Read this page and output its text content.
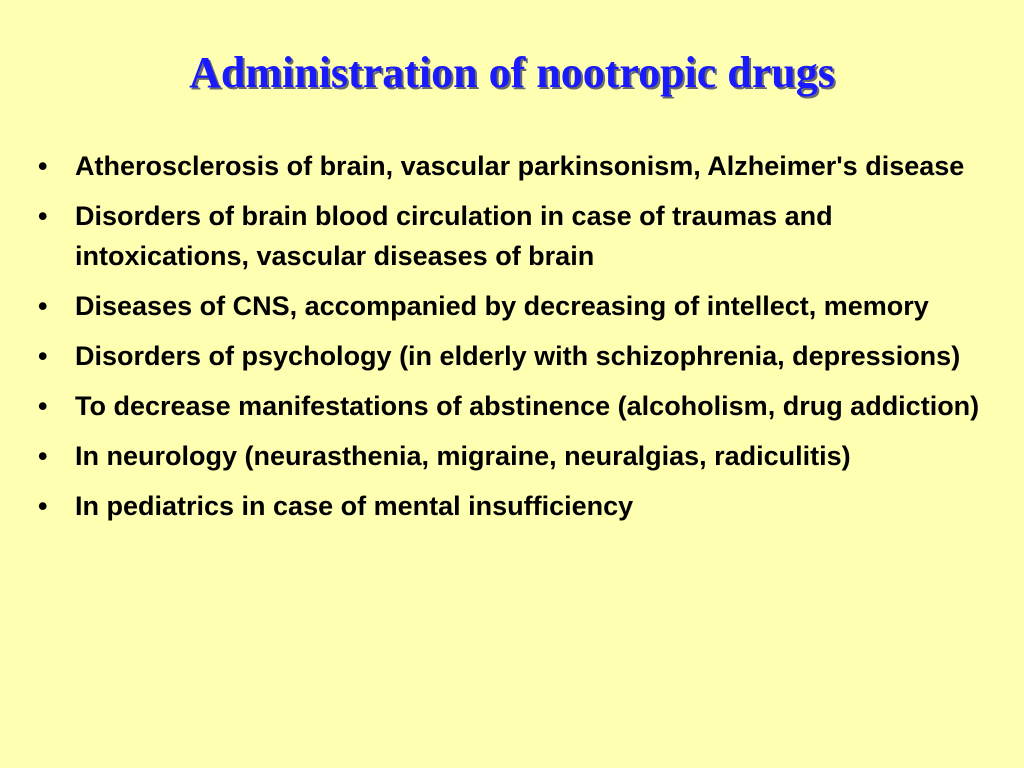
Administration of nootropic drugs
•	Atherosclerosis of brain, vascular parkinsonism, Alzheimer's disease
•	Disorders of brain blood circulation in case of traumas and intoxications, vascular diseases of brain
•	Diseases of CNS, accompanied by decreasing of intellect, memory
•	Disorders of psychology (in elderly with schizophrenia, depressions)
•	To decrease manifestations of abstinence (alcoholism, drug addiction)
•	In neurology (neurasthenia, migraine, neuralgias, radiculitis)
•	In pediatrics in case of mental insufficiency
